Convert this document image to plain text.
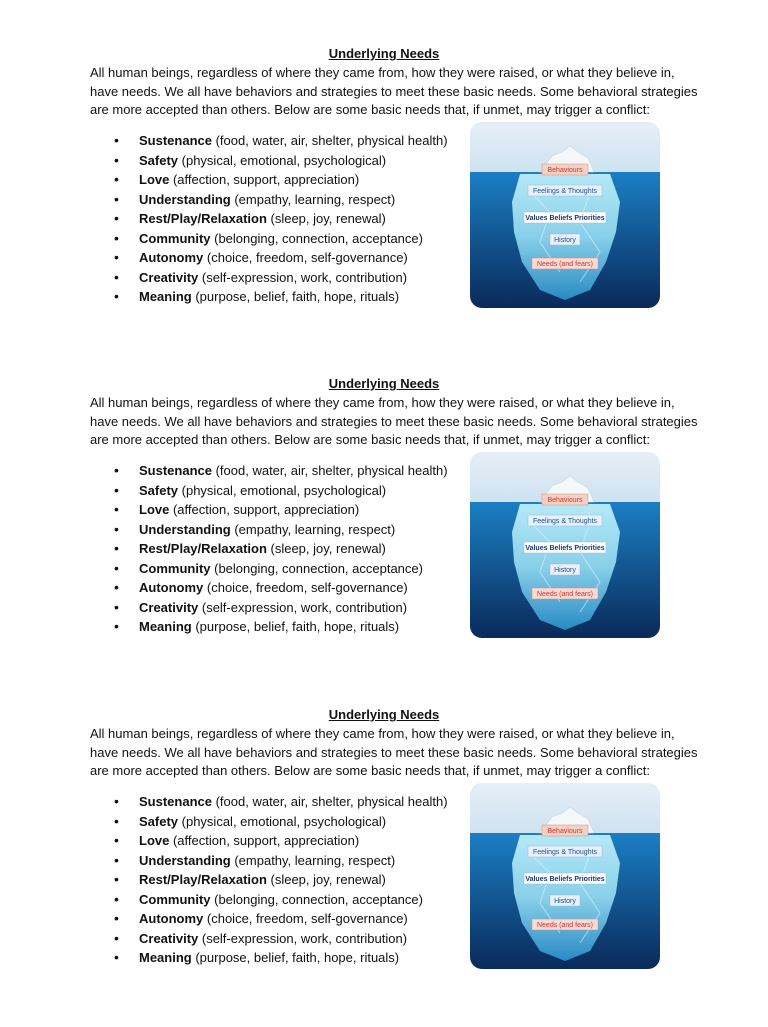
Underlying Needs
All human beings, regardless of where they came from, how they were raised, or what they believe in,
have needs. We all have behaviors and strategies to meet these basic needs. Some behavioral strategies
are more accepted than others. Below are some basic needs that, if unmet, may trigger a conflict:
• Sustenance (food, water, air, shelter, physical health)
• Safety (physical, emotional, psychological)
• Love (affection, support, appreciation)
• Understanding (empathy, learning, respect)
• Rest/Play/Relaxation (sleep, joy, renewal)
• Community (belonging, connection, acceptance)
• Autonomy (choice, freedom, self-governance)
• Creativity (self-expression, work, contribution)
• Meaning (purpose, belief, faith, hope, rituals)
Behaviours
Feelings & Thoughts
Values Beliefs Priorities
History
Needs (and fears)
Underlying Needs
All human beings, regardless of where they came from, how they were raised, or what they believe in,
have needs. We all have behaviors and strategies to meet these basic needs. Some behavioral strategies
are more accepted than others. Below are some basic needs that, if unmet, may trigger a conflict:
• Sustenance (food, water, air, shelter, physical health)
• Safety (physical, emotional, psychological)
• Love (affection, support, appreciation)
• Understanding (empathy, learning, respect)
• Rest/Play/Relaxation (sleep, joy, renewal)
• Community (belonging, connection, acceptance)
• Autonomy (choice, freedom, self-governance)
• Creativity (self-expression, work, contribution)
• Meaning (purpose, belief, faith, hope, rituals)
Behaviours
Feelings & Thoughts
Values Beliefs Priorities
History
Needs (and fears)
Underlying Needs
All human beings, regardless of where they came from, how they were raised, or what they believe in,
have needs. We all have behaviors and strategies to meet these basic needs. Some behavioral strategies
are more accepted than others. Below are some basic needs that, if unmet, may trigger a conflict:
• Sustenance (food, water, air, shelter, physical health)
• Safety (physical, emotional, psychological)
• Love (affection, support, appreciation)
• Understanding (empathy, learning, respect)
• Rest/Play/Relaxation (sleep, joy, renewal)
• Community (belonging, connection, acceptance)
• Autonomy (choice, freedom, self-governance)
• Creativity (self-expression, work, contribution)
• Meaning (purpose, belief, faith, hope, rituals)
Behaviours
Feelings & Thoughts
Values Beliefs Priorities
History
Needs (and fears)
